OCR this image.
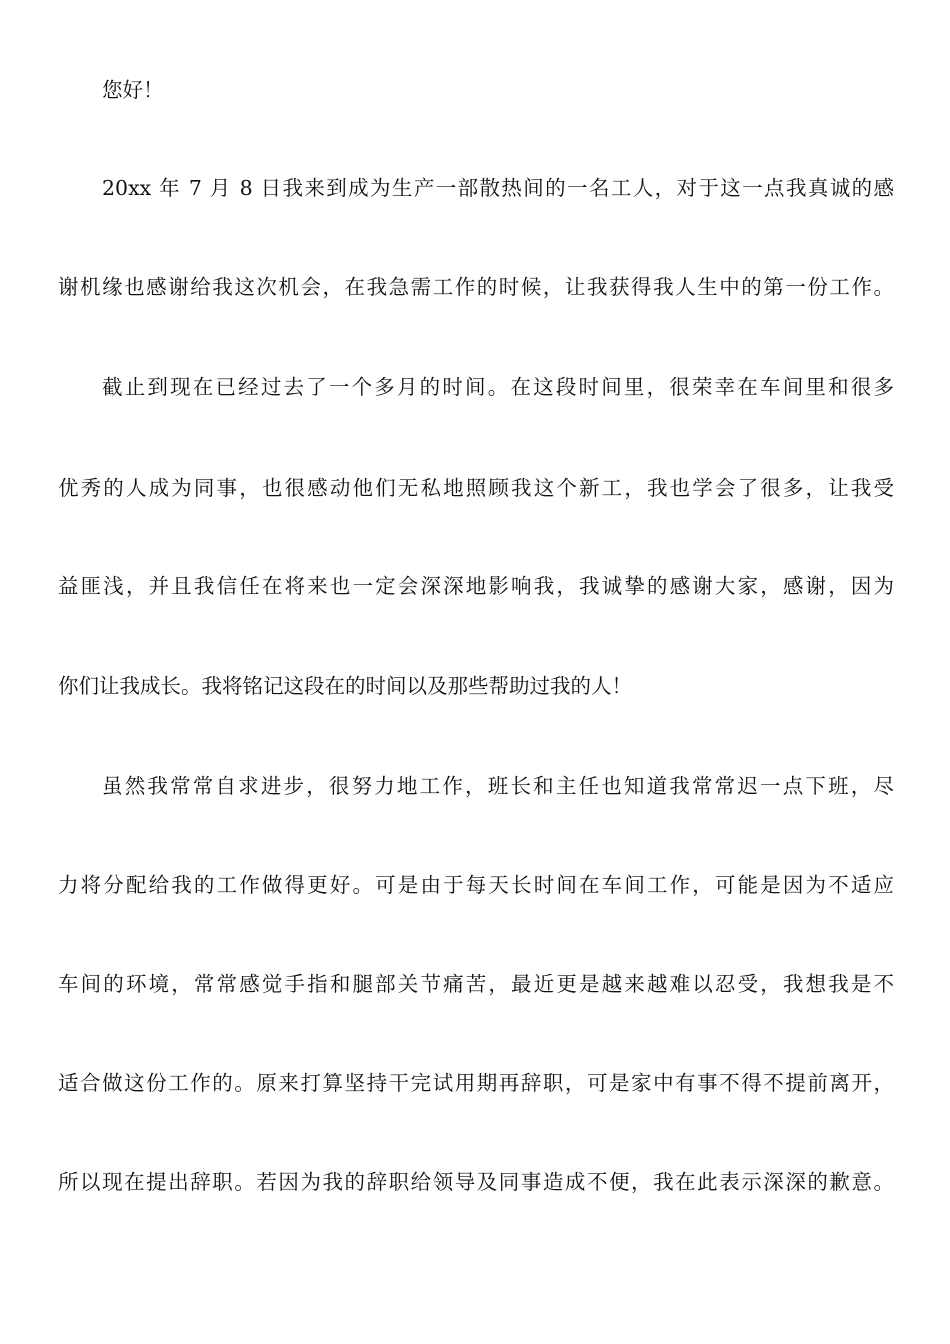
您好！
20xx 年 7 月 8 日我来到成为生产一部散热间的一名工人，对于这一点我真诚的感
谢机缘也感谢给我这次机会，在我急需工作的时候，让我获得我人生中的第一份工作。
截止到现在已经过去了一个多月的时间。在这段时间里，很荣幸在车间里和很多
优秀的人成为同事，也很感动他们无私地照顾我这个新工，我也学会了很多，让我受
益匪浅，并且我信任在将来也一定会深深地影响我，我诚挚的感谢大家，感谢，因为
你们让我成长。我将铭记这段在的时间以及那些帮助过我的人！
虽然我常常自求进步，很努力地工作，班长和主任也知道我常常迟一点下班，尽
力将分配给我的工作做得更好。可是由于每天长时间在车间工作，可能是因为不适应
车间的环境，常常感觉手指和腿部关节痛苦，最近更是越来越难以忍受，我想我是不
适合做这份工作的。原来打算坚持干完试用期再辞职，可是家中有事不得不提前离开，
所以现在提出辞职。若因为我的辞职给领导及同事造成不便，我在此表示深深的歉意。
